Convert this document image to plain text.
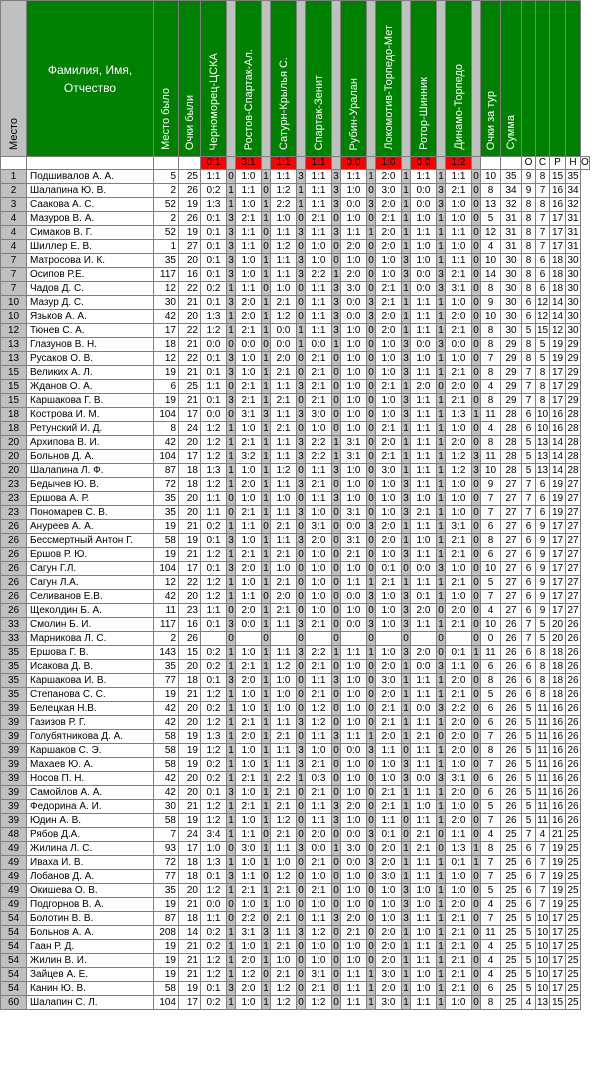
Место	Фамилия, Имя, Отчество	Место было	Очки были	Черноморец-ЦСКА		Ростов-Спартак-Ал.		Сатурн-Крылья С.		Спартак-Зенит		Рубин-Уралан		Локомотив-Торпедо-Мет		Ротор-Шинник		Динамо-Торпедо		Очки за тур	Сумма					
				0:1		3:1		1:1		1:1		0:0		1:0		0:0		1:2				О	С	Р	Н	О
1	Подшивалов А. А.	5	25	1:1	0	1:0	1	1:1	3	1:1	3	1:1	1	2:0	1	1:1	1	1:1	0	10	35	9	8	15	35	
2	Шалапина Ю. В.	2	26	0:2	1	1:1	0	1:2	1	1:1	3	1:0	0	3:0	1	0:0	3	2:1	0	8	34	9	7	16	34	
3	Саакова А. С.	52	19	1:3	1	1:0	1	2:2	1	1:1	3	0:0	3	2:0	1	0:0	3	1:0	0	13	32	8	8	16	32	
4	Мазуров В. А.	2	26	0:1	3	2:1	1	1:0	0	2:1	0	1:0	0	2:1	1	1:0	1	1:0	0	5	31	8	7	17	31	
4	Симаков В. Г.	52	19	0:1	3	1:1	0	1:1	3	1:1	3	1:1	1	2:0	1	1:1	1	1:1	0	12	31	8	7	17	31	
4	Шиллер Е. В.	1	27	0:1	3	1:1	0	1:2	0	1:0	0	2:0	0	2:0	1	1:0	1	1:0	0	4	31	8	7	17	31	
7	Матросова И. К.	35	20	0:1	3	1:0	1	1:1	3	1:0	0	1:0	0	1:0	3	1:0	1	1:1	0	10	30	8	6	18	30	
7	Осипов Р.Е.	117	16	0:1	3	1:0	1	1:1	3	2:2	1	2:0	0	1:0	3	0:0	3	2:1	0	14	30	8	6	18	30	
7	Чадов Д. С.	12	22	0:2	1	1:1	0	1:0	0	1:1	3	3:0	0	2:1	1	0:0	3	3:1	0	8	30	8	6	18	30	
10	Мазур Д. С.	30	21	0:1	3	2:0	1	2:1	0	1:1	3	0:0	3	2:1	1	1:1	1	1:0	0	9	30	6	12	14	30	
10	Язьков А. А.	42	20	1:3	1	2:0	1	1:2	0	1:1	3	0:0	3	2:0	1	1:1	1	2:0	0	10	30	6	12	14	30	
12	Тюнев С. А.	17	22	1:2	1	2:1	1	0:0	1	1:1	3	1:0	0	2:0	1	1:1	1	2:1	0	8	30	5	15	12	30	
13	Глазунов В. Н.	18	21	0:0	0	0:0	0	0:0	1	0:0	1	1:0	0	1:0	3	0:0	3	0:0	0	8	29	8	5	19	29	
13	Русаков О. В.	12	22	0:1	3	1:0	1	2:0	0	2:1	0	1:0	0	1:0	3	1:0	1	1:0	0	7	29	8	5	19	29	
15	Великих А. Л.	19	21	0:1	3	1:0	1	2:1	0	2:1	0	1:0	0	1:0	3	1:1	1	2:1	0	8	29	7	8	17	29	
15	Жданов О. А.	6	25	1:1	0	2:1	1	1:1	3	2:1	0	1:0	0	2:1	1	2:0	0	2:0	0	4	29	7	8	17	29	
15	Каршакова Г. В.	19	21	0:1	3	2:1	1	2:1	0	2:1	0	1:0	0	1:0	3	1:1	1	2:1	0	8	29	7	8	17	29	
18	Кострова И. М.	104	17	0:0	0	3:1	3	1:1	3	3:0	0	1:0	0	1:0	3	1:1	1	1:3	1	11	28	6	10	16	28	
18	Ретунский И. Д.	8	24	1:2	1	1:0	1	2:1	0	1:0	0	1:0	0	2:1	1	1:1	1	1:0	0	4	28	6	10	16	28	
20	Архипова В. И.	42	20	1:2	1	2:1	1	1:1	3	2:2	1	3:1	0	2:0	1	1:1	1	2:0	0	8	28	5	13	14	28	
20	Больнов Д. А.	104	17	1:2	1	3:2	1	1:1	3	2:2	1	3:1	0	2:1	1	1:1	1	1:2	3	11	28	5	13	14	28	
20	Шалапина Л. Ф.	87	18	1:3	1	1:0	1	1:2	0	1:1	3	1:0	0	3:0	1	1:1	1	1:2	3	10	28	5	13	14	28	
23	Бедычев Ю. В.	72	18	1:2	1	2:0	1	1:1	3	2:1	0	1:0	0	1:0	3	1:1	1	1:0	0	9	27	7	6	19	27	
23	Ершова А. Р.	35	20	1:1	0	1:0	1	1:0	0	1:1	3	1:0	0	1:0	3	1:0	1	1:0	0	7	27	7	6	19	27	
23	Пономарев С. В.	35	20	1:1	0	2:1	1	1:1	3	1:0	0	3:1	0	1:0	3	2:1	1	1:0	0	7	27	7	6	19	27	
26	Ануреев А. А.	19	21	0:2	1	1:1	0	2:1	0	3:1	0	0:0	3	2:0	1	1:1	1	3:1	0	6	27	6	9	17	27	
26	Бессмертный Антон Г.	58	19	0:1	3	1:0	1	1:1	3	2:0	0	3:1	0	2:0	1	1:0	1	2:1	0	8	27	6	9	17	27	
26	Ершов Р. Ю.	19	21	1:2	1	2:1	1	2:1	0	1:0	0	2:1	0	1:0	3	1:1	1	2:1	0	6	27	6	9	17	27	
26	Сагун Г.Л.	104	17	0:1	3	2:0	1	1:0	0	1:0	0	1:0	0	0:1	0	0:0	3	1:0	0	10	27	6	9	17	27	
26	Сагун Л.А.	12	22	1:2	1	1:0	1	2:1	0	1:0	0	1:1	1	2:1	1	1:1	1	2:1	0	5	27	6	9	17	27	
26	Селиванов Е.В.	42	20	1:2	1	1:1	0	2:0	0	1:0	0	0:0	3	1:0	3	0:1	1	1:0	0	7	27	6	9	17	27	
26	Щеколдин Б. А.	11	23	1:1	0	2:0	1	2:1	0	1:0	0	1:0	0	1:0	3	2:0	0	2:0	0	4	27	6	9	17	27	
33	Смолин Б. И.	117	16	0:1	3	0:0	1	1:1	3	2:1	0	0:0	3	1:0	3	1:1	1	2:1	0	10	26	7	5	20	26	
33	Марникова Л. С.	2	26		0		0		0		0		0		0		0		0	0	26	7	5	20	26	
35	Ершова Г. В.	143	15	0:2	1	1:0	1	1:1	3	2:2	1	1:1	1	1:0	3	2:0	0	0:1	1	11	26	6	8	18	26	
35	Исакова Д. В.	35	20	0:2	1	2:1	1	1:2	0	2:1	0	1:0	0	2:0	1	0:0	3	1:1	0	6	26	6	8	18	26	
35	Каршакова И. В.	77	18	0:1	3	2:0	1	1:0	0	1:1	3	1:0	0	3:0	1	1:1	1	2:0	0	8	26	6	8	18	26	
35	Степанова С. С.	19	21	1:2	1	1:0	1	1:0	0	2:1	0	1:0	0	2:0	1	1:1	1	2:1	0	5	26	6	8	18	26	
39	Белецкая Н.В.	42	20	0:2	1	1:0	1	1:0	0	1:2	0	1:0	0	2:1	1	0:0	3	2:2	0	6	26	5	11	16	26	
39	Газизов Р. Г.	42	20	1:2	1	2:1	1	1:1	3	1:2	0	1:0	0	2:1	1	1:1	1	2:0	0	6	26	5	11	16	26	
39	Голубятникова Д. А.	58	19	1:3	1	2:0	1	2:1	0	1:1	3	1:1	1	2:0	1	2:1	0	2:0	0	7	26	5	11	16	26	
39	Каршаков С. Э.	58	19	1:2	1	1:0	1	1:1	3	1:0	0	0:0	3	1:1	0	1:1	1	2:0	0	8	26	5	11	16	26	
39	Махаев Ю. А.	58	19	0:2	1	1:0	1	1:1	3	2:1	0	1:0	0	1:0	3	1:1	1	1:0	0	7	26	5	11	16	26	
39	Носов П. Н.	42	20	0:2	1	2:1	1	2:2	1	0:3	0	1:0	0	1:0	3	0:0	3	3:1	0	6	26	5	11	16	26	
39	Самойлов А. А.	42	20	0:1	3	1:0	1	2:1	0	2:1	0	1:0	0	2:1	1	1:1	1	2:0	0	6	26	5	11	16	26	
39	Федорина А. И.	30	21	1:2	1	2:1	1	2:1	0	1:1	3	2:0	0	2:1	1	1:0	1	1:0	0	5	26	5	11	16	26	
39	Юдин А. В.	58	19	1:2	1	1:0	1	1:2	0	1:1	3	1:0	0	1:1	0	1:1	1	2:0	0	7	26	5	11	16	26	
48	Рябов Д.А.	7	24	3:4	1	1:1	0	2:1	0	2:0	0	0:0	3	0:1	0	2:1	0	1:1	0	4	25	7	4	21	25	
49	Жилина Л. С.	93	17	1:0	0	3:0	1	1:1	3	0:0	1	3:0	0	2:0	1	2:1	0	1:3	1	8	25	6	7	19	25	
49	Иваха И. В.	72	18	1:3	1	1:0	1	1:0	0	2:1	0	0:0	3	2:0	1	1:1	1	0:1	1	7	25	6	7	19	25	
49	Лобанов Д. А.	77	18	0:1	3	1:1	0	1:2	0	1:0	0	1:0	0	3:0	1	1:1	1	1:0	0	7	25	6	7	19	25	
49	Окишева О. В.	35	20	1:2	1	2:1	1	2:1	0	2:1	0	1:0	0	1:0	3	1:0	1	1:0	0	5	25	6	7	19	25	
49	Подгорнов В. А.	19	21	0:0	0	1:0	1	1:0	0	1:0	0	1:0	0	1:0	3	1:0	1	2:0	0	4	25	6	7	19	25	
54	Болотин В. В.	87	18	1:1	0	2:2	0	2:1	0	1:1	3	2:0	0	1:0	3	1:1	1	2:1	0	7	25	5	10	17	25	
54	Больнов А. А.	208	14	0:2	1	3:1	3	1:1	3	1:2	0	2:1	0	2:0	1	1:0	1	2:1	0	11	25	5	10	17	25	
54	Гаан Р. Д.	19	21	0:2	1	1:0	1	2:1	0	1:0	0	1:0	0	2:0	1	1:1	1	2:1	0	4	25	5	10	17	25	
54	Жилин В. И.	19	21	1:2	1	2:0	1	1:0	0	1:0	0	1:0	0	2:0	1	1:1	1	2:1	0	4	25	5	10	17	25	
54	Зайцев А. Е.	19	21	1:2	1	1:2	0	2:1	0	3:1	0	1:1	1	3:0	1	1:0	1	2:1	0	4	25	5	10	17	25	
54	Канин Ю. В.	58	19	0:1	3	2:0	1	1:2	0	2:1	0	1:1	1	2:0	1	1:0	1	2:1	0	6	25	5	10	17	25	
60	Шалапин С. Л.	104	17	0:2	1	1:0	1	1:2	0	1:2	0	1:1	1	3:0	1	1:1	1	1:0	0	8	25	4	13	15	25	
